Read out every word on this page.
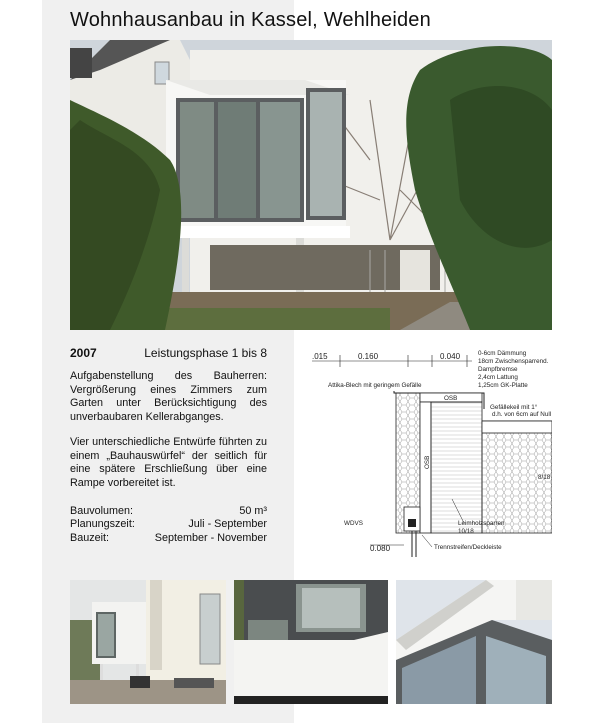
Wohnhausanbau in Kassel, Wehlheiden
2007	Leistungsphase 1 bis 8
Aufgabenstellung des Bauherren: Vergrößerung eines Zimmers zum Garten unter Berücksichtigung des unverbaubaren Kellerabganges.
Vier unterschiedliche Entwürfe führten zu einem „Bauhauswürfel“ der seitlich für eine spätere Erschließung über eine Rampe vorbereitet ist.
Bauvolumen:	50 m³
Planungszeit:	Juli - September
Bauzeit:	September - November
.015	0.160	0.040	0-6cm Dämmung
18cm Zwischensparrend.
Dampfbremse
2,4cm Lattung
1,25cm GK-Platte
Attika-Blech mit geringem Gefälle
OSB
OSB
Gefällekeil mit 1°
d.h. von 6cm auf Null
8/18
WDVS	Leimholzsparren
10/18
Trennstreifen/Deckleiste
0.080
